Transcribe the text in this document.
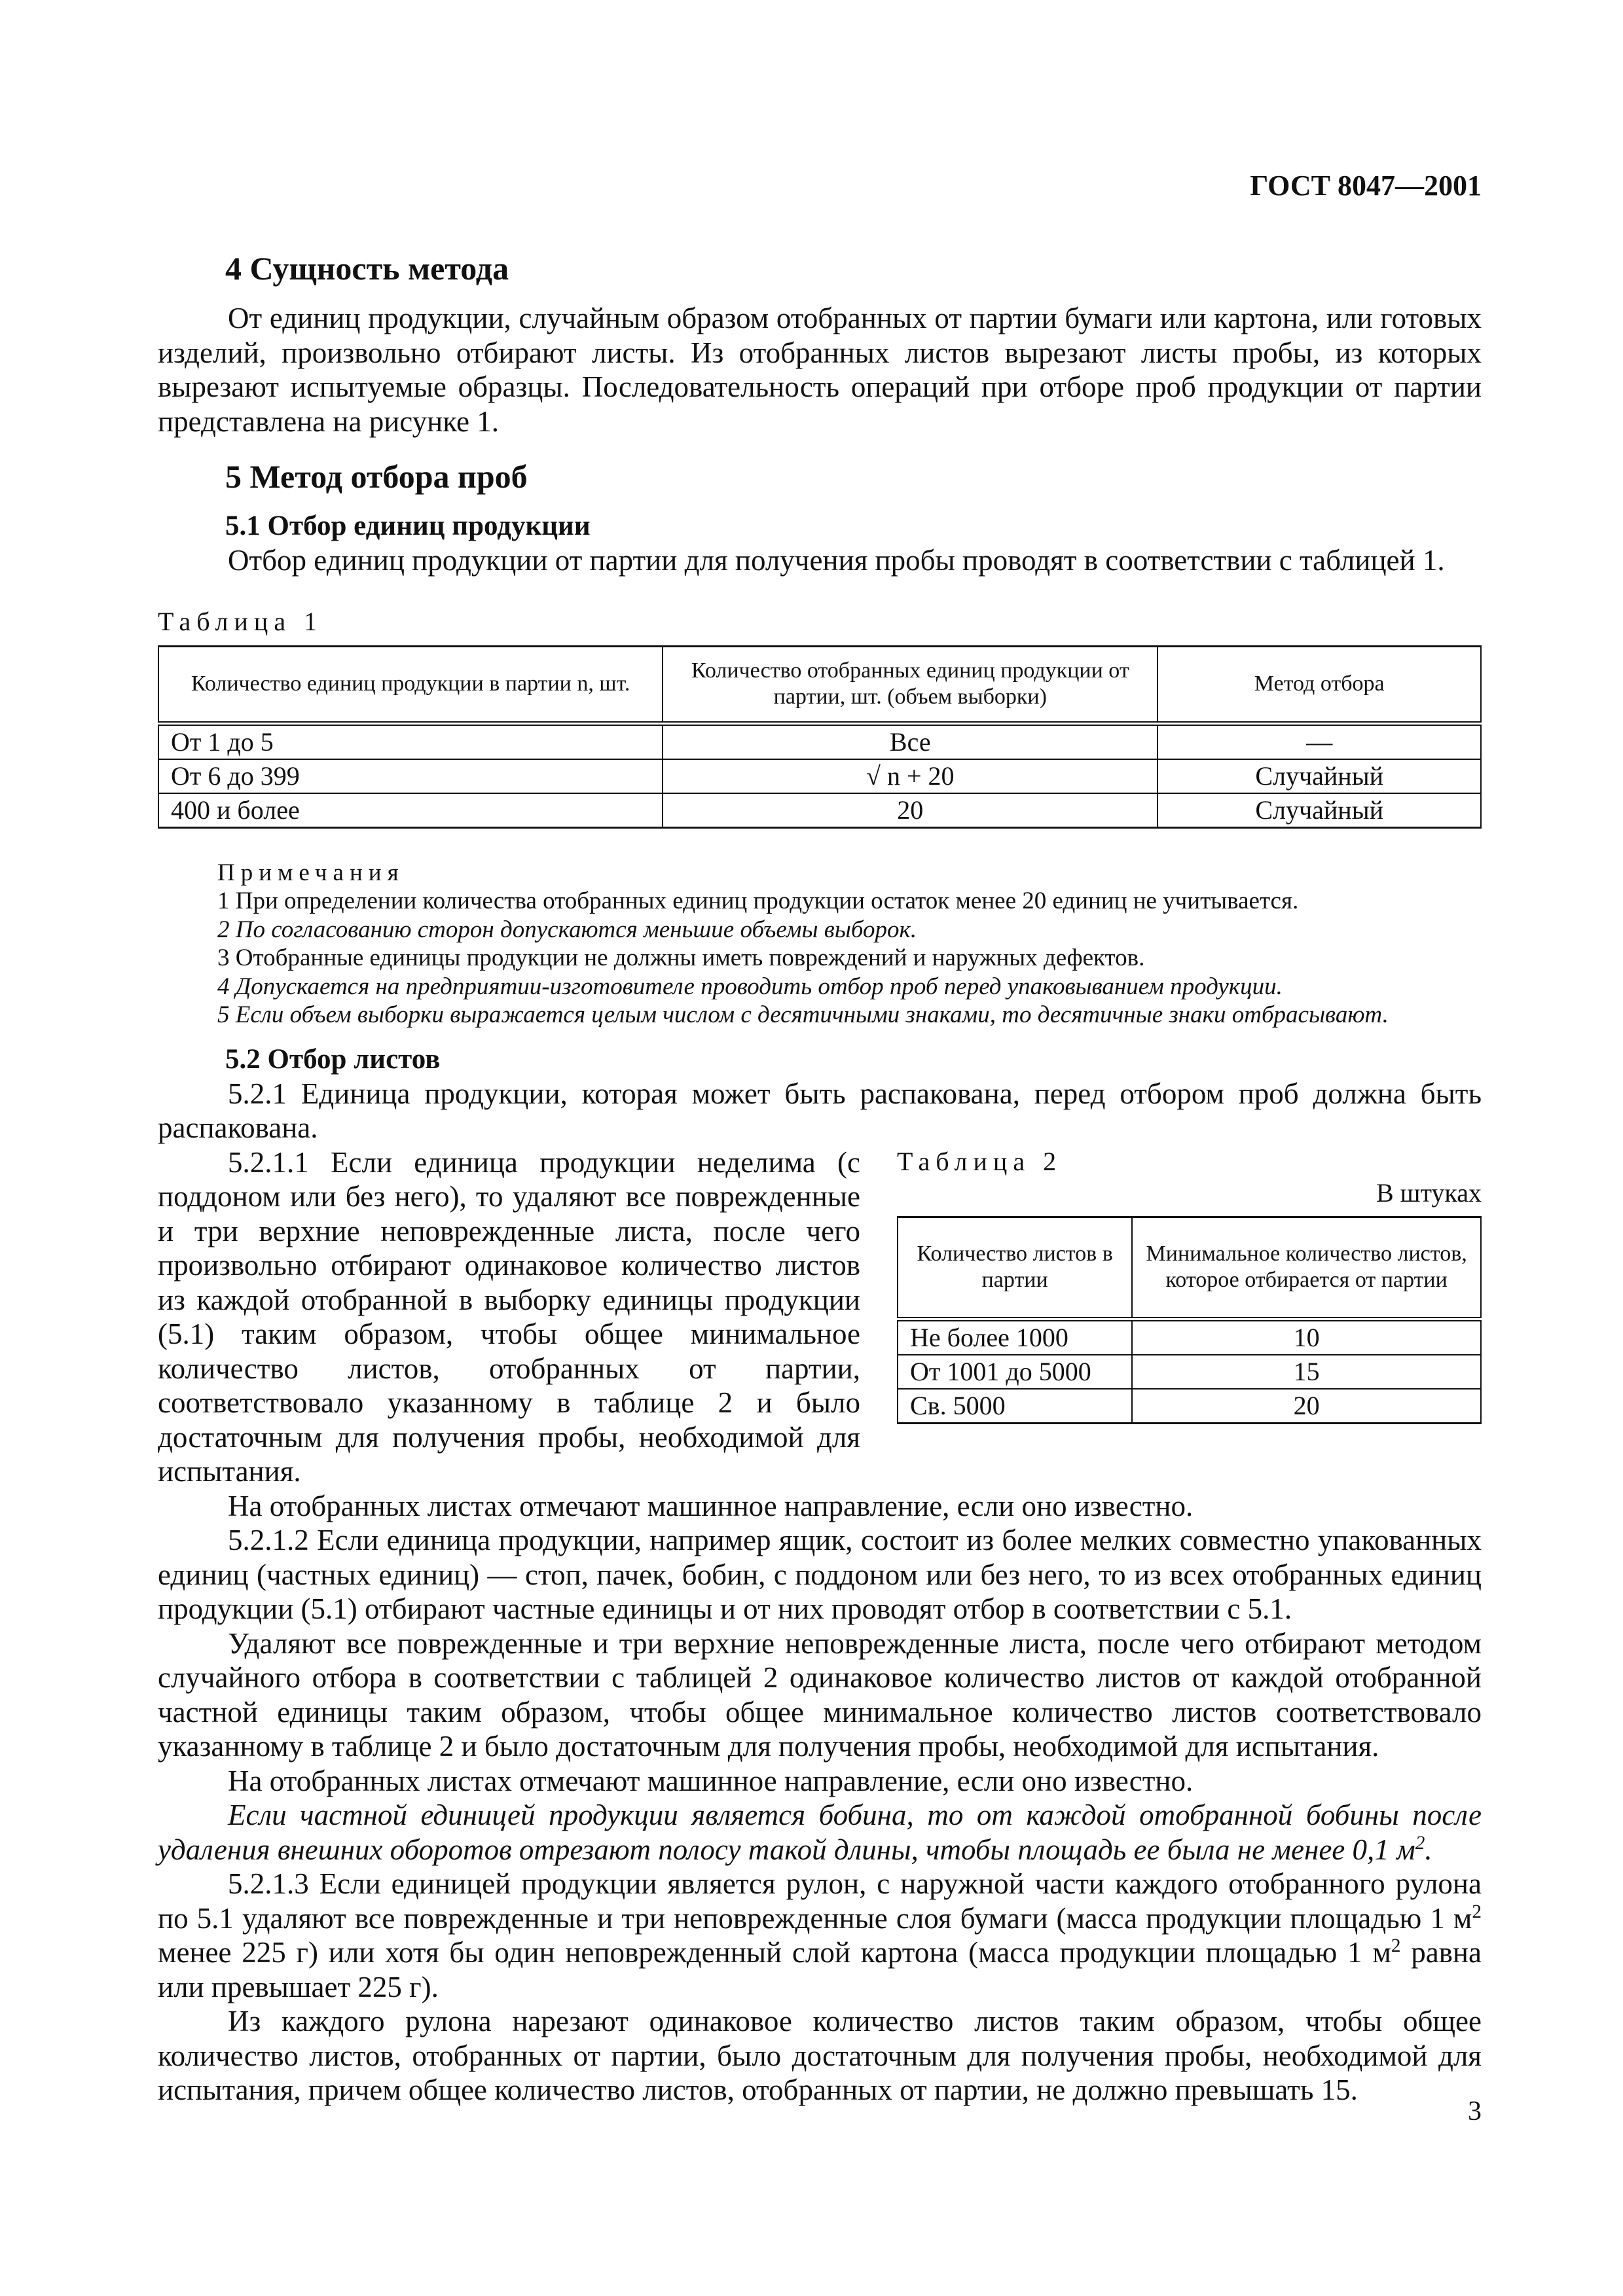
ГОСТ 8047—2001
4 Сущность метода

От единиц продукции, случайным образом отобранных от партии бумаги или картона, или готовых изделий, произвольно отбирают листы. Из отобранных листов вырезают листы пробы, из которых вырезают испытуемые образцы. Последовательность операций при отборе проб продукции от партии представлена на рисунке 1.

5 Метод отбора проб
5.1 Отбор единиц продукции

Отбор единиц продукции от партии для получения пробы проводят в соответствии с таблицей 1.

Таблица 1
Количество единиц продукции в партии n, шт.	Количество отобранных единиц продукции от партии, шт. (объем выборки)	Метод отбора
От 1 до 5	Все	—
От 6 до 399	√ n + 20	Случайный
400 и более	20	Случайный
Примечания
1 При определении количества отобранных единиц продукции остаток менее 20 единиц не учитывается.
2 По согласованию сторон допускаются меньшие объемы выборок.
3 Отобранные единицы продукции не должны иметь повреждений и наружных дефектов.
4 Допускается на предприятии-изготовителе проводить отбор проб перед упаковыванием продукции.
5 Если объем выборки выражается целым числом с десятичными знаками, то десятичные знаки отбрасывают.
5.2 Отбор листов

5.2.1 Единица продукции, которая может быть распакована, перед отбором проб должна быть распакована.

Таблица 2
В штуках
Количество листов в партии	Минимальное количество листов, которое отбирается от партии
Не более 1000	10
От 1001 до 5000	15
Св. 5000	20

5.2.1.1 Если единица продукции неделима (с поддоном или без него), то удаляют все поврежденные и три верхние неповрежденные листа, после чего произвольно отбирают одинаковое количество листов из каждой отобранной в выборку единицы продукции (5.1) таким образом, чтобы общее минимальное количество листов, отобранных от партии, соответствовало указанному в таблице 2 и было достаточным для получения пробы, необходимой для испытания.

На отобранных листах отмечают машинное направление, если оно известно.

5.2.1.2 Если единица продукции, например ящик, состоит из более мелких совместно упакованных единиц (частных единиц) — стоп, пачек, бобин, с поддоном или без него, то из всех отобранных единиц продукции (5.1) отбирают частные единицы и от них проводят отбор в соответствии с 5.1.

Удаляют все поврежденные и три верхние неповрежденные листа, после чего отбирают методом случайного отбора в соответствии с таблицей 2 одинаковое количество листов от каждой отобранной частной единицы таким образом, чтобы общее минимальное количество листов соответствовало указанному в таблице 2 и было достаточным для получения пробы, необходимой для испытания.

На отобранных листах отмечают машинное направление, если оно известно.

Если частной единицей продукции является бобина, то от каждой отобранной бобины после удаления внешних оборотов отрезают полосу такой длины, чтобы площадь ее была не менее 0,1 $м^2$.

5.2.1.3 Если единицей продукции является рулон, с наружной части каждого отобранного рулона по 5.1 удаляют все поврежденные и три неповрежденные слоя бумаги (масса продукции площадью 1 $м^2$ менее 225 г) или хотя бы один неповрежденный слой картона (масса продукции площадью 1 $м^2$ равна или превышает 225 г).

Из каждого рулона нарезают одинаковое количество листов таким образом, чтобы общее количество листов, отобранных от партии, было достаточным для получения пробы, необходимой для испытания, причем общее количество листов, отобранных от партии, не должно превышать 15.

3
